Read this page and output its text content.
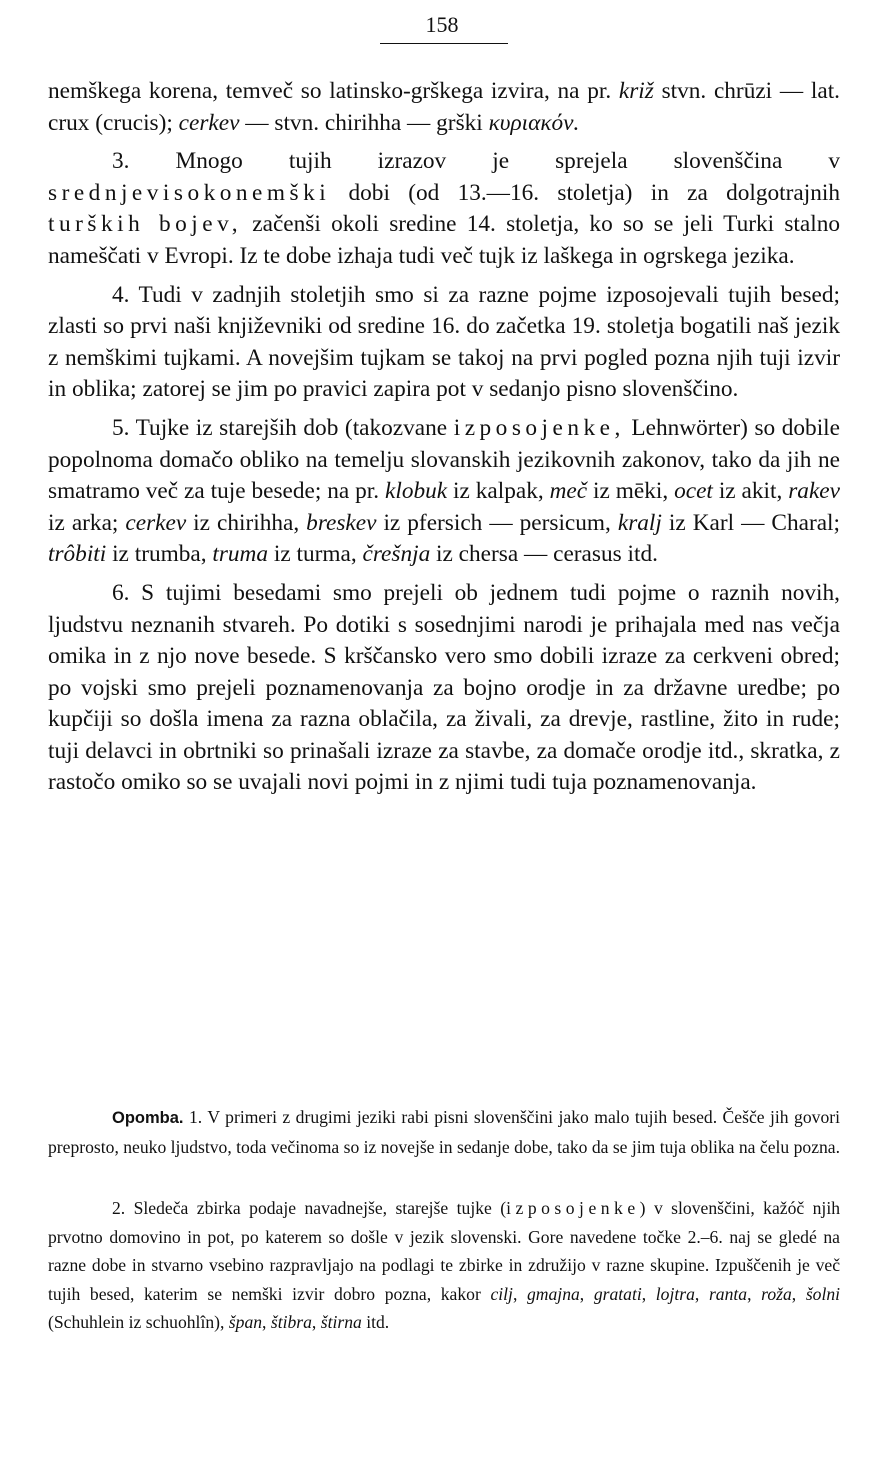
158

nemškega korena, temveč so latinsko-grškega izvira, na pr. križ stvn. chrūzi — lat. crux (crucis); cerkev — stvn. chirihha — grški κυριακόν.

3. Mnogo tujih izrazov je sprejela slovenščina v srednjevisokonemški dobi (od 13.—16. stoletja) in za dolgotrajnih turških bojev, začenši okoli sredine 14. stoletja, ko so se jeli Turki stalno nameščati v Evropi. Iz te dobe izhaja tudi več tujk iz laškega in ogrskega jezika.

4. Tudi v zadnjih stoletjih smo si za razne pojme izposojevali tujih besed; zlasti so prvi naši književniki od sredine 16. do začetka 19. stoletja bogatili naš jezik z nemškimi tujkami. A novejšim tujkam se takoj na prvi pogled pozna njih tuji izvir in oblika; zatorej se jim po pravici zapira pot v sedanjo pisno slovenščino.

5. Tujke iz starejših dob (takozvane izposojenke, Lehnwörter) so dobile popolnoma domačo obliko na temelju slovanskih jezikovnih zakonov, tako da jih ne smatramo več za tuje besede; na pr. klobuk iz kalpak, meč iz mēki, ocet iz akit, rakev iz arka; cerkev iz chirihha, breskev iz pfersich — persicum, kralj iz Karl — Charal; trôbiti iz trumba, truma iz turma, črešnja iz chersa — cerasus itd.

6. S tujimi besedami smo prejeli ob jednem tudi pojme o raznih novih, ljudstvu neznanih stvareh. Po dotiki s sosednjimi narodi je prihajala med nas večja omika in z njo nove besede. S krščansko vero smo dobili izraze za cerkveni obred; po vojski smo prejeli poznamenovanja za bojno orodje in za državne uredbe; po kupčiji so došla imena za razna oblačila, za živali, za drevje, rastline, žito in rude; tuji delavci in obrtniki so prinašali izraze za stavbe, za domače orodje itd., skratka, z rastočo omiko so se uvajali novi pojmi in z njimi tudi tuja poznamenovanja.

Opomba. 1. V primeri z drugimi jeziki rabi pisni slovenščini jako malo tujih besed. Češče jih govori preprosto, neuko ljudstvo, toda večinoma so iz novejše in sedanje dobe, tako da se jim tuja oblika na čelu pozna.

2. Sledeča zbirka podaje navadnejše, starejše tujke (izposojenke) v slovenščini, kažóč njih prvotno domovino in pot, po katerem so došle v jezik slovenski. Gore navedene točke 2.–6. naj se gledé na razne dobe in stvarno vsebino razpravljajo na podlagi te zbirke in združijo v razne skupine. Izpuščenih je več tujih besed, katerim se nemški izvir dobro pozna, kakor cilj, gmajna, gratati, lojtra, ranta, roža, šolni (Schuhlein iz schuohlîn), špan, štibra, štirna itd.
